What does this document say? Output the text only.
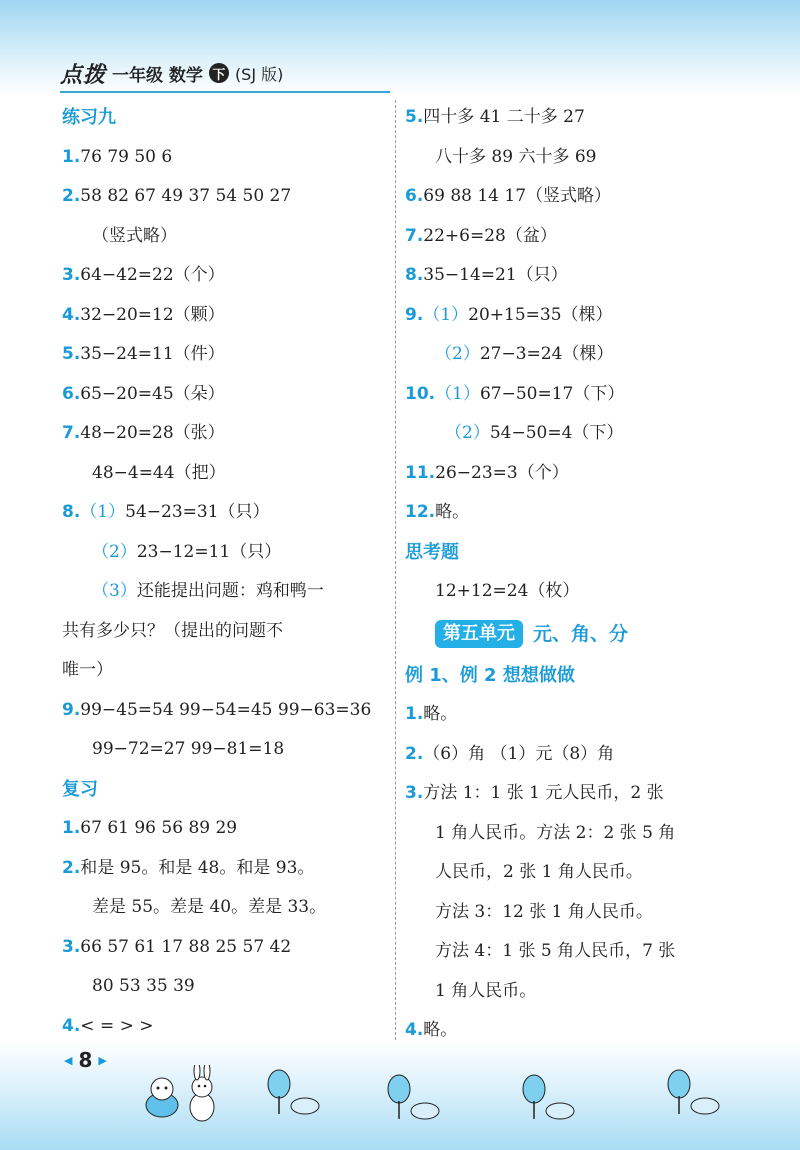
点拨 一年级 数学 下 (SJ 版)
练习九
1.76 79 50 6
2.58 82 67 49 37 54 50 27
（竖式略）
3.64−42=22（个）
4.32−20=12（颗）
5.35−24=11（件）
6.65−20=45（朵）
7.48−20=28（张）
48−4=44（把）
8.（1）54−23=31（只）
（2）23−12=11（只）
（3）还能提出问题：鸡和鸭一
共有多少只？（提出的问题不
唯一）
9.99−45=54 99−54=45 99−63=36
99−72=27 99−81=18
复习
1.67 61 96 56 89 29
2.和是 95。和是 48。和是 93。
差是 55。差是 40。差是 33。
3.66 57 61 17 88 25 57 42
80 53 35 39
4.< = > >
5.四十多 41 二十多 27
八十多 89 六十多 69
6.69 88 14 17（竖式略）
7.22+6=28（盆）
8.35−14=21（只）
9.（1）20+15=35（棵）
（2）27−3=24（棵）
10.（1）67−50=17（下）
（2）54−50=4（下）
11.26−23=3（个）
12.略。
思考题
12+12=24（枚）
第五单元 元、角、分
例 1、例 2 想想做做
1.略。
2.（6）角 （1）元（8）角
3.方法 1：1 张 1 元人民币，2 张
1 角人民币。方法 2：2 张 5 角
人民币，2 张 1 角人民币。
方法 3：12 张 1 角人民币。
方法 4：1 张 5 角人民币，7 张
1 角人民币。
4.略。
◀ 8 ▶
